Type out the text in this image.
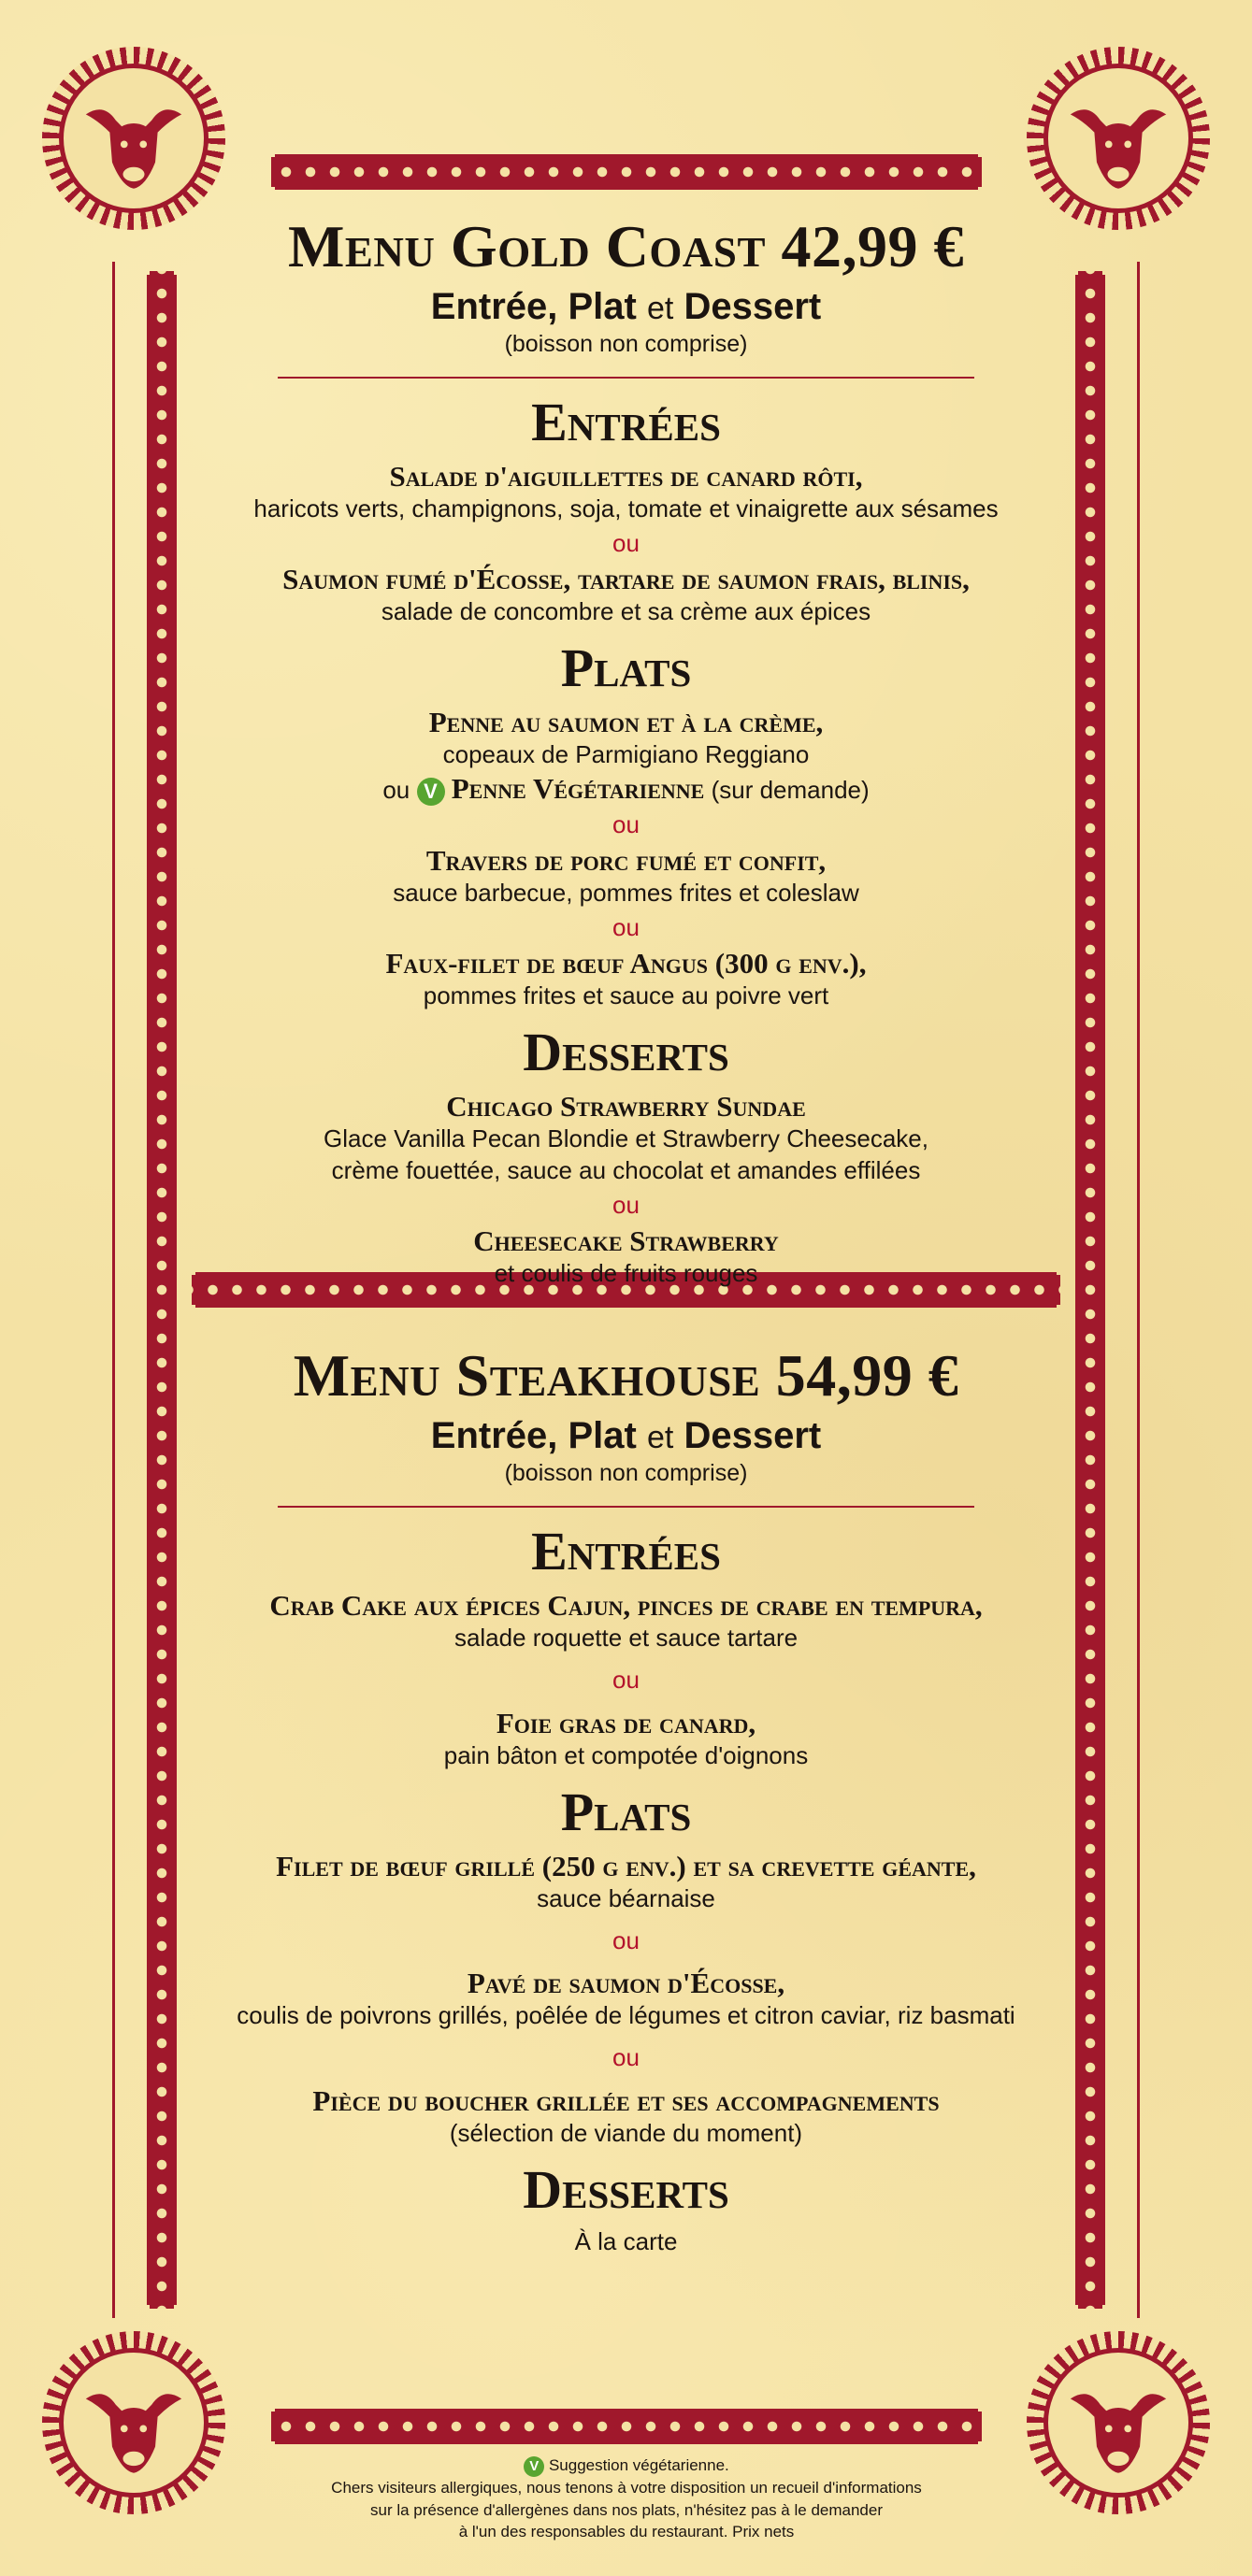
Menu Gold Coast 42,99 €
Entrée, Plat et Dessert
(boisson non comprise)
Entrées
Salade d'aiguillettes de canard rôti,
haricots verts, champignons, soja, tomate et vinaigrette aux sésames
ou
Saumon fumé d'Écosse, tartare de saumon frais, blinis,
salade de concombre et sa crème aux épices
Plats
Penne au saumon et à la crème,
copeaux de Parmigiano Reggiano
ou V Penne Végétarienne (sur demande)
ou
Travers de porc fumé et confit,
sauce barbecue, pommes frites et coleslaw
ou
Faux-filet de bœuf Angus (300 g env.),
pommes frites et sauce au poivre vert
Desserts
Chicago Strawberry Sundae
Glace Vanilla Pecan Blondie et Strawberry Cheesecake,
crème fouettée, sauce au chocolat et amandes effilées
ou
Cheesecake Strawberry
et coulis de fruits rouges
Menu Steakhouse 54,99 €
Entrée, Plat et Dessert
(boisson non comprise)
Entrées
Crab Cake aux épices Cajun, pinces de crabe en tempura,
salade roquette et sauce tartare
ou
Foie gras de canard,
pain bâton et compotée d'oignons
Plats
Filet de bœuf grillé (250 g env.) et sa crevette géante,
sauce béarnaise
ou
Pavé de saumon d'Écosse,
coulis de poivrons grillés, poêlée de légumes et citron caviar, riz basmati
ou
Pièce du boucher grillée et ses accompagnements
(sélection de viande du moment)
Desserts
À la carte
V Suggestion végétarienne.
Chers visiteurs allergiques, nous tenons à votre disposition un recueil d'informations
sur la présence d'allergènes dans nos plats, n'hésitez pas à le demander
à l'un des responsables du restaurant. Prix nets
